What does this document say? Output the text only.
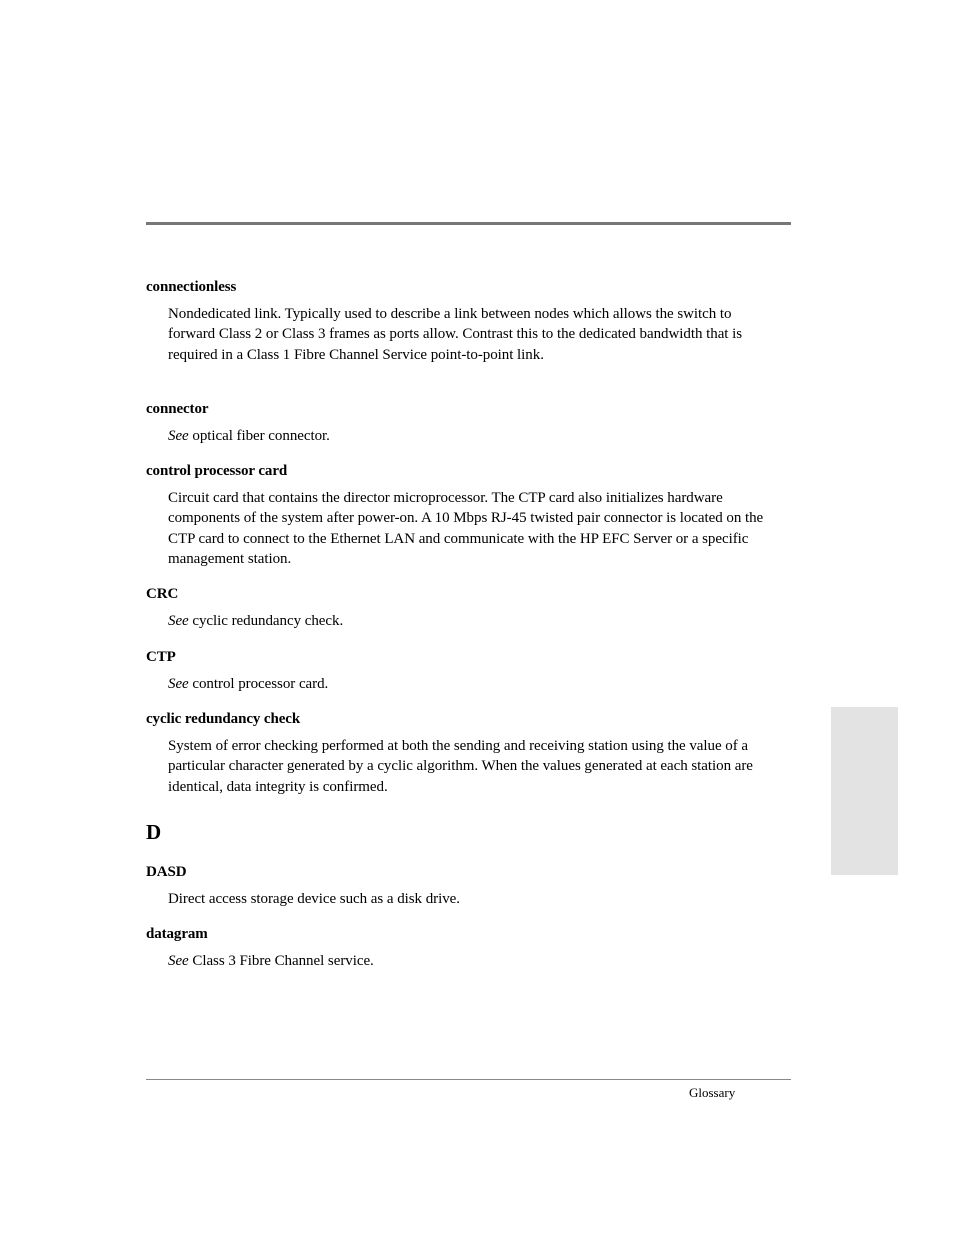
connectionless

Nondedicated link. Typically used to describe a link between nodes which allows the switch to forward Class 2 or Class 3 frames as ports allow. Contrast this to the dedicated bandwidth that is required in a Class 1 Fibre Channel Service point-to-point link.

connector

See optical fiber connector.

control processor card

Circuit card that contains the director microprocessor. The CTP card also initializes hardware components of the system after power-on. A 10 Mbps RJ-45 twisted pair connector is located on the CTP card to connect to the Ethernet LAN and communicate with the HP EFC Server or a specific management station.

CRC

See cyclic redundancy check.

CTP

See control processor card.

cyclic redundancy check

System of error checking performed at both the sending and receiving station using the value of a particular character generated by a cyclic algorithm. When the values generated at each station are identical, data integrity is confirmed.

D

DASD

Direct access storage device such as a disk drive.

datagram

See Class 3 Fibre Channel service.

Glossary
